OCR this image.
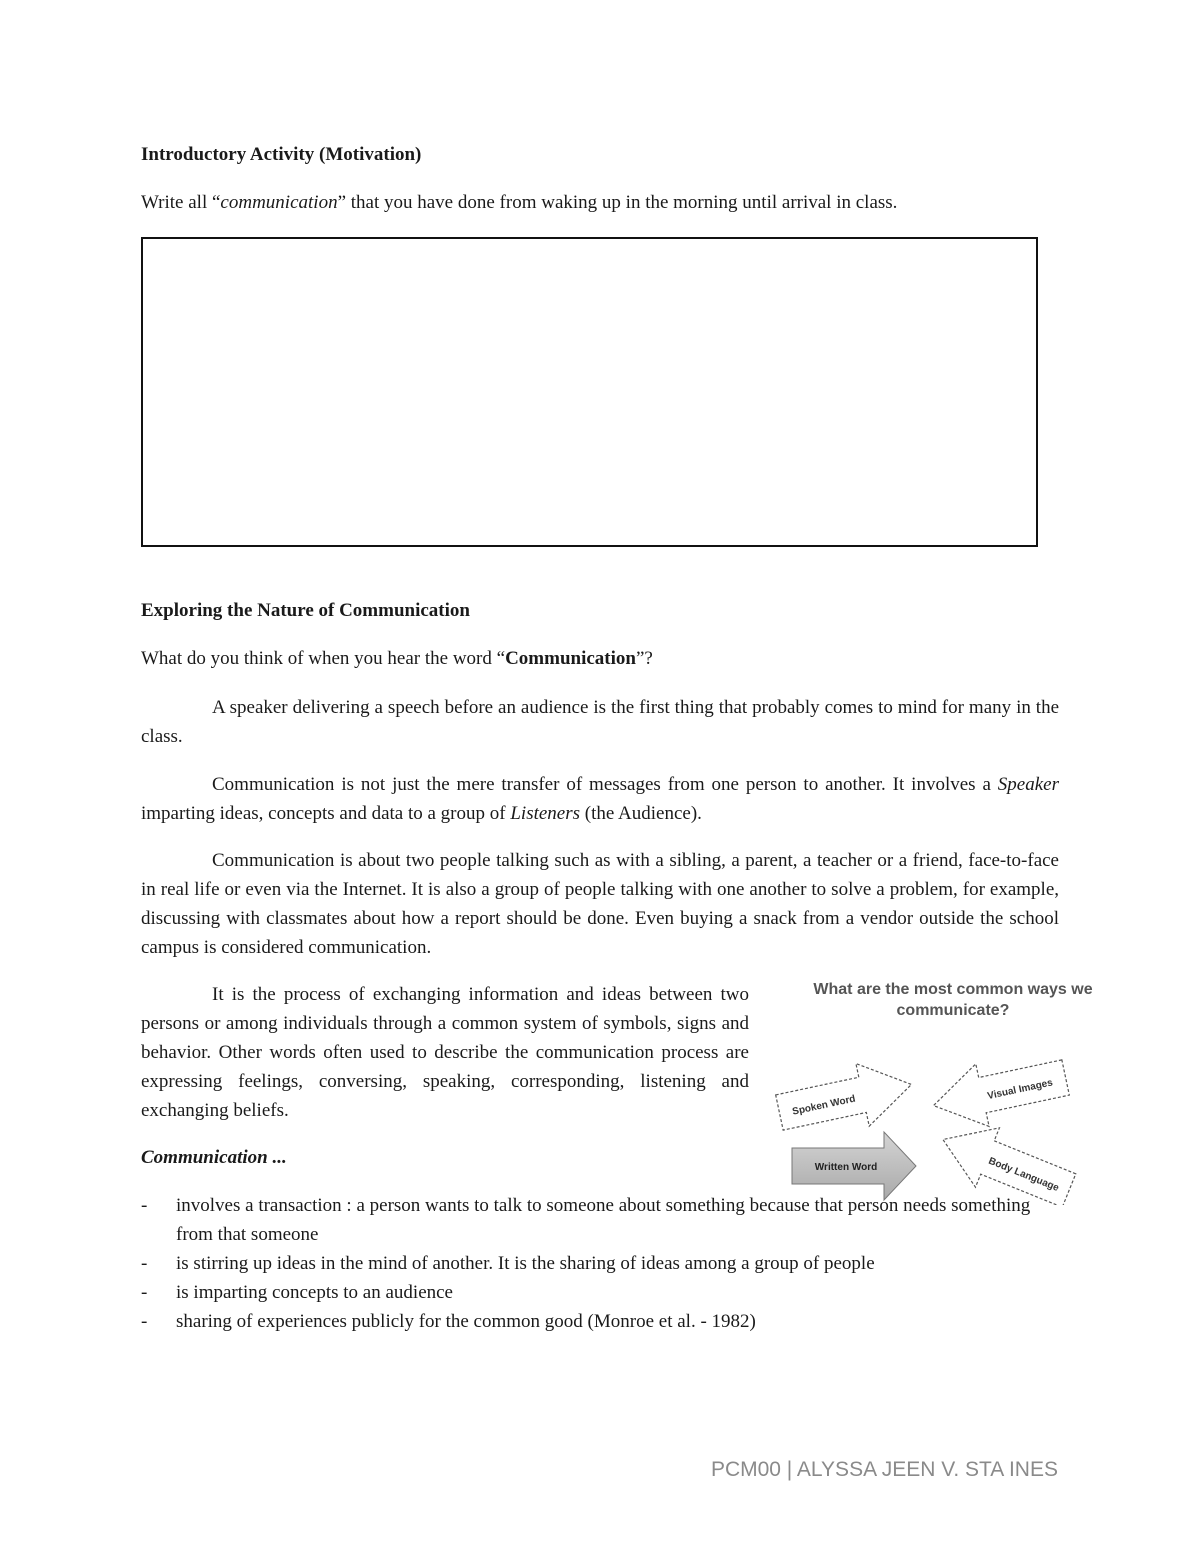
Introductory Activity (Motivation)
Write all “communication” that you have done from waking up in the morning until arrival in class.
Exploring the Nature of Communication
What do you think of when you hear the word “Communication”?
A speaker delivering a speech before an audience is the first thing that probably comes to mind for many in the class.
Communication is not just the mere transfer of messages from one person to another. It involves a Speaker imparting ideas, concepts and data to a group of Listeners (the Audience).
Communication is about two people talking such as with a sibling, a parent, a teacher or a friend, face-to-face in real life or even via the Internet. It is also a group of people talking with one another to solve a problem, for example, discussing with classmates about how a report should be done. Even buying a snack from a vendor outside the school campus is considered communication.
It is the process of exchanging information and ideas between two persons or among individuals through a common system of symbols, signs and behavior. Other words often used to describe the communication process are expressing feelings, conversing, speaking, corresponding, listening and exchanging beliefs.
What are the most common ways we communicate?
Spoken Word
Visual Images
Written Word	Body Language
Communication ...
- involves a transaction : a person wants to talk to someone about something because that person needs something from that someone
- is stirring up ideas in the mind of another. It is the sharing of ideas among a group of people
- is imparting concepts to an audience
- sharing of experiences publicly for the common good (Monroe et al. - 1982)
PCM00 | ALYSSA JEEN V. STA INES
